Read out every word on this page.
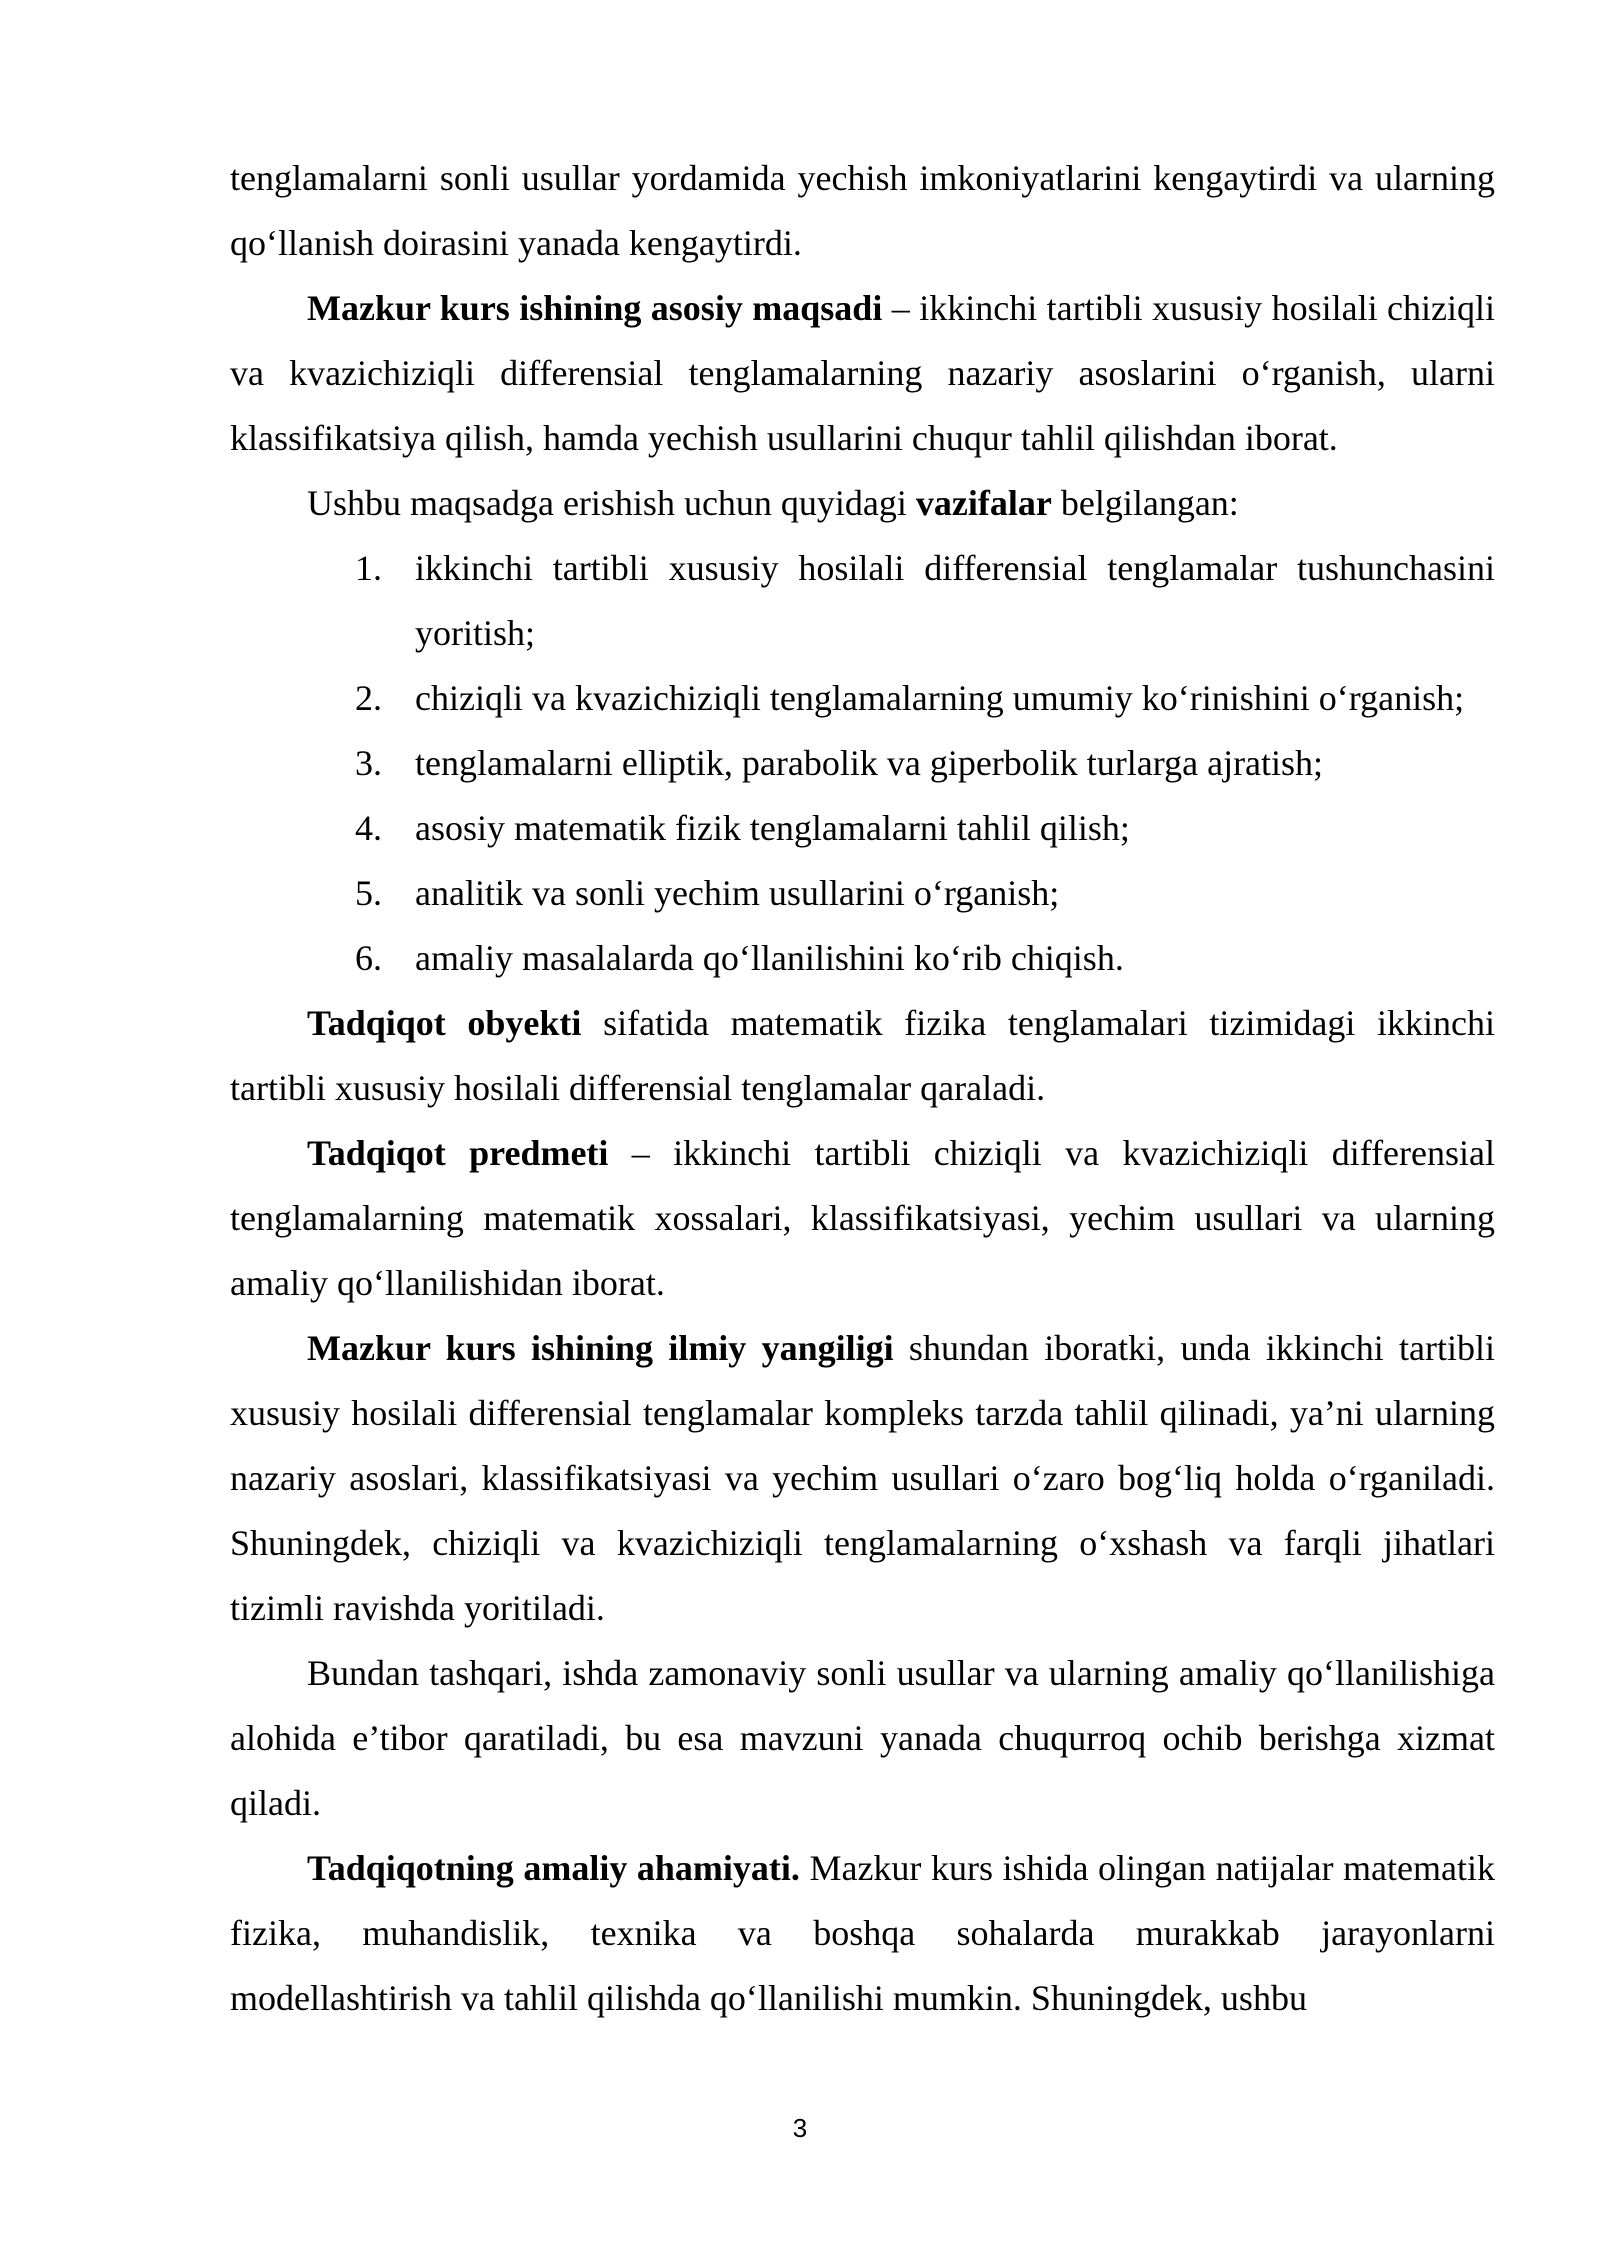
tenglamalarni sonli usullar yordamida yechish imkoniyatlarini kengaytirdi va ularning qo‘llanish doirasini yanada kengaytirdi.

Mazkur kurs ishining asosiy maqsadi – ikkinchi tartibli xususiy hosilali chiziqli va kvazichiziqli differensial tenglamalarning nazariy asoslarini o‘rganish, ularni klassifikatsiya qilish, hamda yechish usullarini chuqur tahlil qilishdan iborat.

Ushbu maqsadga erishish uchun quyidagi vazifalar belgilangan:

1. ikkinchi tartibli xususiy hosilali differensial tenglamalar tushunchasini yoritish;
2. chiziqli va kvazichiziqli tenglamalarning umumiy ko‘rinishini o‘rganish;
3. tenglamalarni elliptik, parabolik va giperbolik turlarga ajratish;
4. asosiy matematik fizik tenglamalarni tahlil qilish;
5. analitik va sonli yechim usullarini o‘rganish;
6. amaliy masalalarda qo‘llanilishini ko‘rib chiqish.

Tadqiqot obyekti sifatida matematik fizika tenglamalari tizimidagi ikkinchi tartibli xususiy hosilali differensial tenglamalar qaraladi.

Tadqiqot predmeti – ikkinchi tartibli chiziqli va kvazichiziqli differensial tenglamalarning matematik xossalari, klassifikatsiyasi, yechim usullari va ularning amaliy qo‘llanilishidan iborat.

Mazkur kurs ishining ilmiy yangiligi shundan iboratki, unda ikkinchi tartibli xususiy hosilali differensial tenglamalar kompleks tarzda tahlil qilinadi, ya’ni ularning nazariy asoslari, klassifikatsiyasi va yechim usullari o‘zaro bog‘liq holda o‘rganiladi. Shuningdek, chiziqli va kvazichiziqli tenglamalarning o‘xshash va farqli jihatlari tizimli ravishda yoritiladi.

Bundan tashqari, ishda zamonaviy sonli usullar va ularning amaliy qo‘llanilishiga alohida e’tibor qaratiladi, bu esa mavzuni yanada chuqurroq ochib berishga xizmat qiladi.

Tadqiqotning amaliy ahamiyati. Mazkur kurs ishida olingan natijalar matematik fizika, muhandislik, texnika va boshqa sohalarda murakkab jarayonlarni modellashtirish va tahlil qilishda qo‘llanilishi mumkin. Shuningdek, ushbu

3
